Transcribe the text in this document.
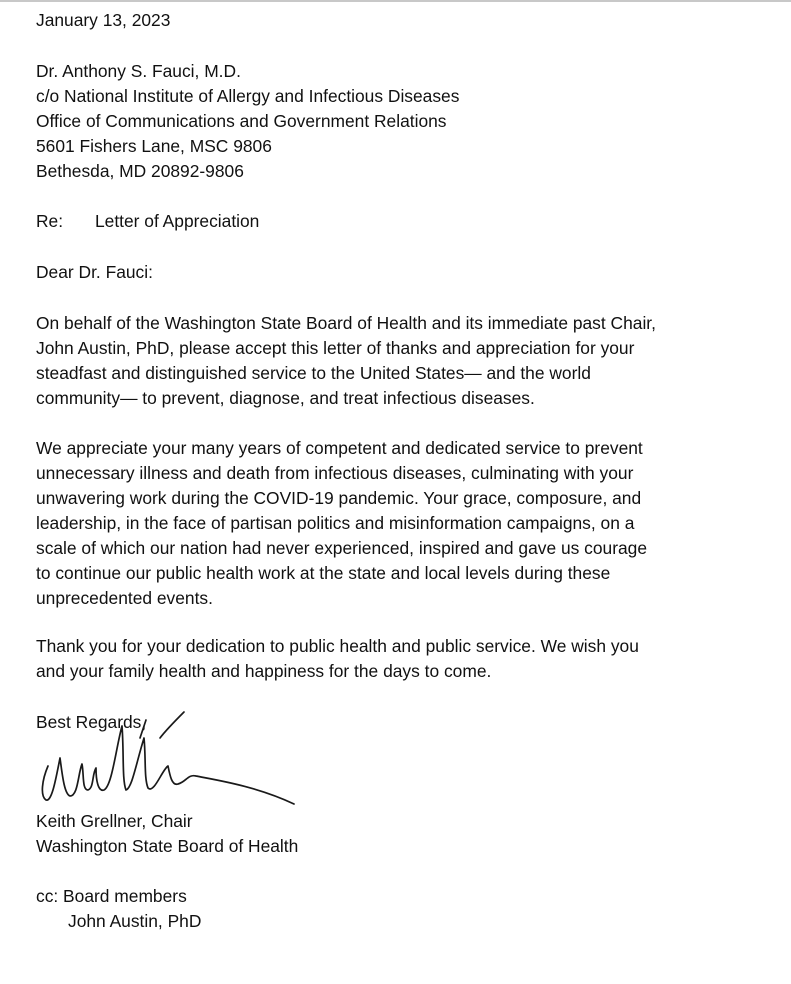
January 13, 2023
Dr. Anthony S. Fauci, M.D.
c/o National Institute of Allergy and Infectious Diseases
Office of Communications and Government Relations
5601 Fishers Lane, MSC 9806
Bethesda, MD 20892-9806
Re: Letter of Appreciation
Dear Dr. Fauci:
On behalf of the Washington State Board of Health and its immediate past Chair,
John Austin, PhD, please accept this letter of thanks and appreciation for your
steadfast and distinguished service to the United States— and the world
community— to prevent, diagnose, and treat infectious diseases.
We appreciate your many years of competent and dedicated service to prevent
unnecessary illness and death from infectious diseases, culminating with your
unwavering work during the COVID-19 pandemic. Your grace, composure, and
leadership, in the face of partisan politics and misinformation campaigns, on a
scale of which our nation had never experienced, inspired and gave us courage
to continue our public health work at the state and local levels during these
unprecedented events.
Thank you for your dedication to public health and public service. We wish you
and your family health and happiness for the days to come.
Best Regards,
Keith Grellner, Chair
Washington State Board of Health
cc: Board members
John Austin, PhD
